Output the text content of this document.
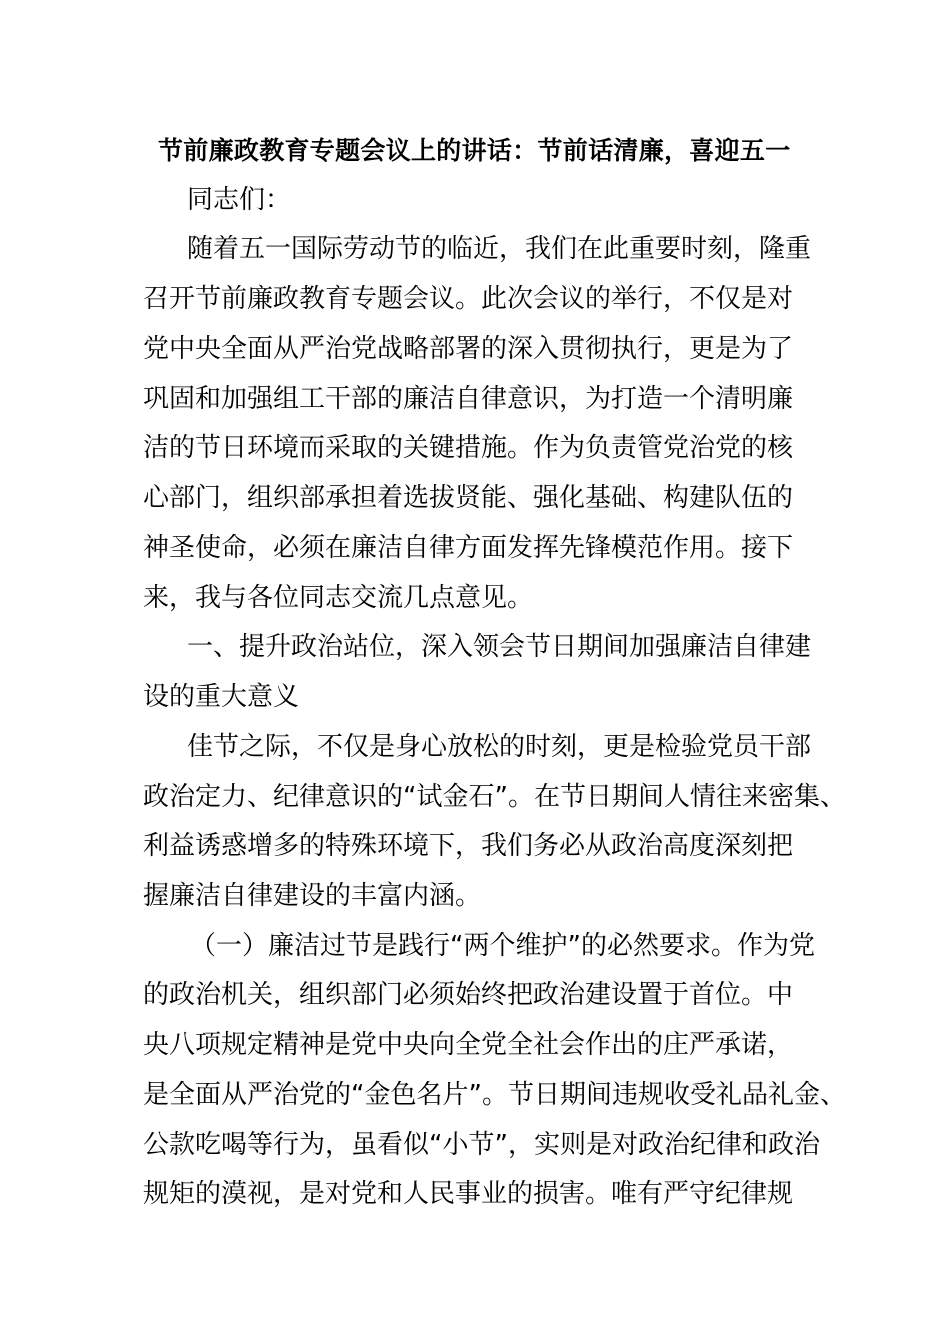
节前廉政教育专题会议上的讲话：节前话清廉，喜迎五一
同志们：
随着五一国际劳动节的临近，我们在此重要时刻，隆重
召开节前廉政教育专题会议。此次会议的举行，不仅是对
党中央全面从严治党战略部署的深入贯彻执行，更是为了
巩固和加强组工干部的廉洁自律意识，为打造一个清明廉
洁的节日环境而采取的关键措施。作为负责管党治党的核
心部门，组织部承担着选拔贤能、强化基础、构建队伍的
神圣使命，必须在廉洁自律方面发挥先锋模范作用。接下
来，我与各位同志交流几点意见。
一、提升政治站位，深入领会节日期间加强廉洁自律建
设的重大意义
佳节之际，不仅是身心放松的时刻，更是检验党员干部
政治定力、纪律意识的“试金石”。在节日期间人情往来密集、
利益诱惑增多的特殊环境下，我们务必从政治高度深刻把
握廉洁自律建设的丰富内涵。
（一）廉洁过节是践行“两个维护”的必然要求。作为党
的政治机关，组织部门必须始终把政治建设置于首位。中
央八项规定精神是党中央向全党全社会作出的庄严承诺，
是全面从严治党的“金色名片”。节日期间违规收受礼品礼金、
公款吃喝等行为，虽看似“小节”，实则是对政治纪律和政治
规矩的漠视，是对党和人民事业的损害。唯有严守纪律规
